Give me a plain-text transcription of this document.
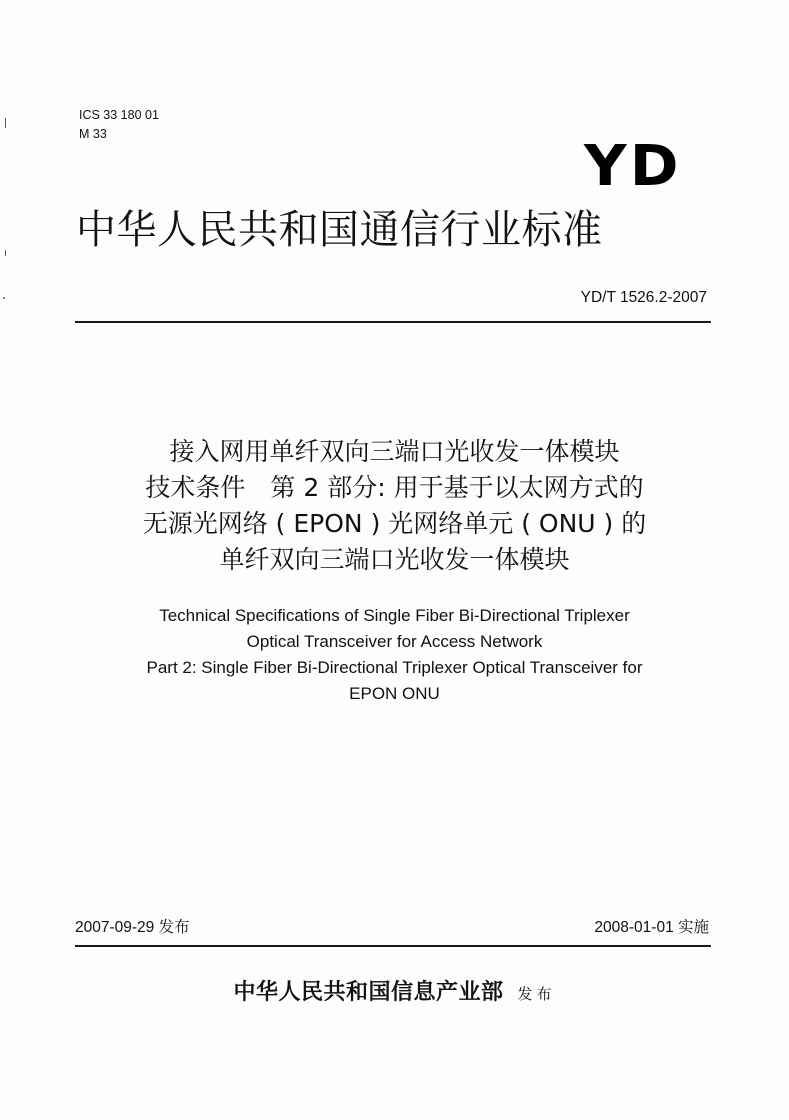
ICS 33 180 01
M 33	YD
中华人民共和国通信行业标准
YD/T 1526.2-2007
接入网用单纤双向三端口光收发一体模块
技术条件　第 2 部分: 用于基于以太网方式的
无源光网络 ( EPON ) 光网络单元 ( ONU ) 的
单纤双向三端口光收发一体模块
Technical Specifications of Single Fiber Bi-Directional Triplexer
Optical Transceiver for Access Network
Part 2: Single Fiber Bi-Directional Triplexer Optical Transceiver for
EPON ONU
2007-09-29 发布	2008-01-01 实施
中华人民共和国信息产业部 发布
